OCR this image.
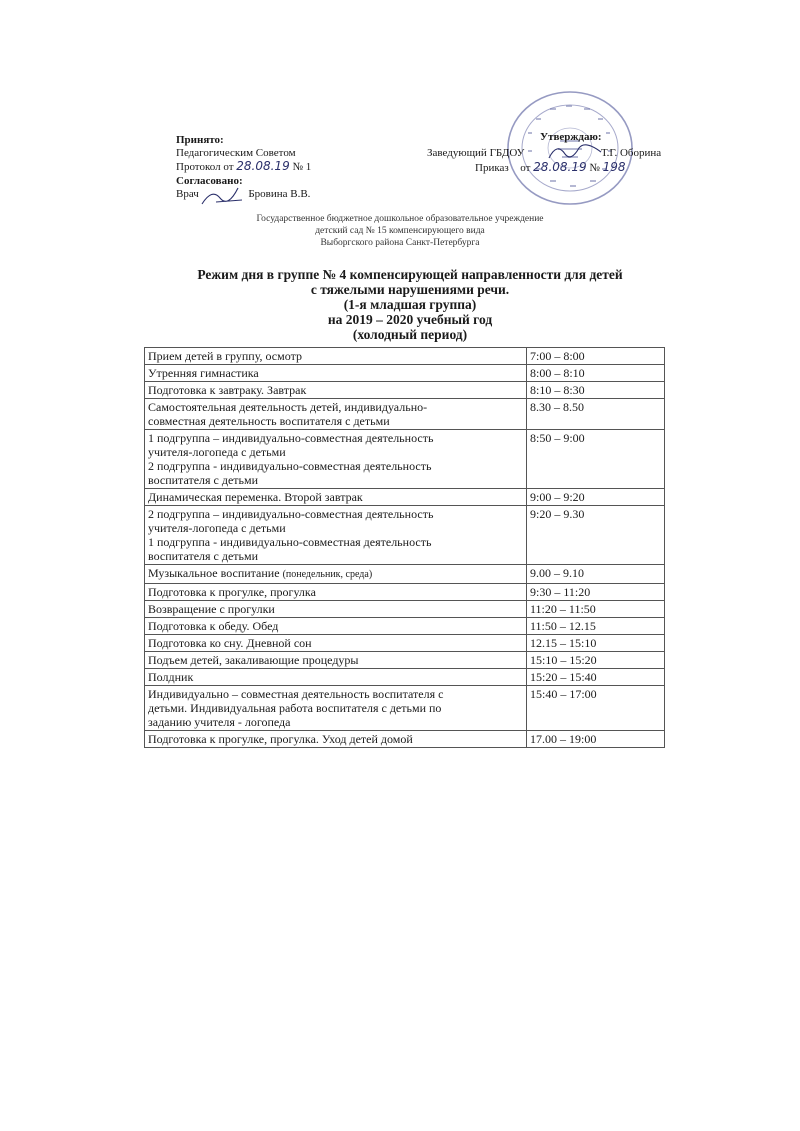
Принято:
Педагогическим Советом
Протокол от 28.08.19 № 1
Согласовано:
Врач	Бровина В.В.
Утверждаю:
Заведующий ГБДОУ	Т.Г. Оборина
Приказ от 28.08.19 № 198
Государственное бюджетное дошкольное образовательное учреждение
детский сад № 15 компенсирующего вида
Выборгского района Санкт-Петербурга
Режим дня в группе № 4 компенсирующей направленности для детей
с тяжелыми нарушениями речи.
(1-я младшая группа)
на 2019 – 2020 учебный год
(холодный период)
Прием детей в группу, осмотр	7:00 – 8:00

Утренняя гимнастика	8:00 – 8:10

Подготовка к завтраку. Завтрак	8:10 – 8:30

Самостоятельная деятельность детей, индивидуально-
совместная деятельность воспитателя с детьми	8.30 – 8.50

1 подгруппа – индивидуально-совместная деятельность
учителя-логопеда с детьми
2 подгруппа - индивидуально-совместная деятельность
воспитателя с детьми	8:50 – 9:00

Динамическая переменка. Второй завтрак	9:00 – 9:20

2 подгруппа – индивидуально-совместная деятельность
учителя-логопеда с детьми
1 подгруппа - индивидуально-совместная деятельность
воспитателя с детьми	9:20 – 9.30

Музыкальное воспитание (понедельник, среда)	9.00 – 9.10

Подготовка к прогулке, прогулка	9:30 – 11:20

Возвращение с прогулки	11:20 – 11:50

Подготовка к обеду. Обед	11:50 – 12.15

Подготовка ко сну. Дневной сон	12.15 – 15:10

Подъем детей, закаливающие процедуры	15:10 – 15:20

Полдник	15:20 – 15:40

Индивидуально – совместная деятельность воспитателя с
детьми. Индивидуальная работа воспитателя с детьми по
заданию учителя - логопеда	15:40 – 17:00

Подготовка к прогулке, прогулка. Уход детей домой	17.00 – 19:00
